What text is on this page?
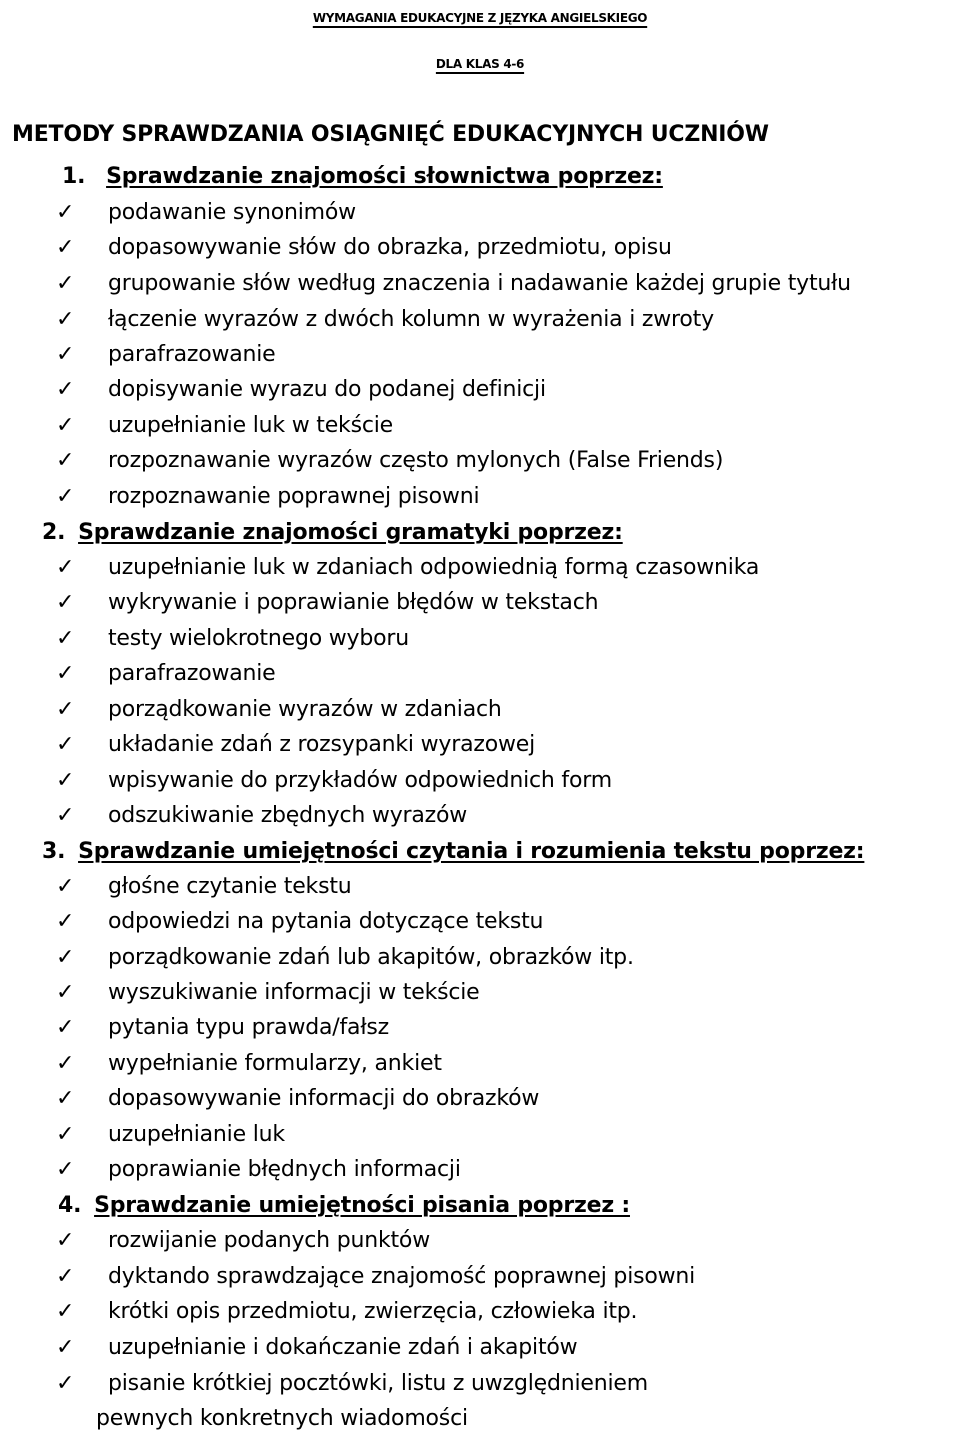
WYMAGANIA EDUKACYJNE Z JĘZYKA ANGIELSKIEGO
DLA KLAS 4-6
METODY SPRAWDZANIA OSIĄGNIĘĆ EDUKACYJNYCH UCZNIÓW
1. Sprawdzanie znajomości słownictwa poprzez:
✓ podawanie synonimów
✓ dopasowywanie słów do obrazka, przedmiotu, opisu
✓ grupowanie słów według znaczenia i nadawanie każdej grupie tytułu
✓ łączenie wyrazów z dwóch kolumn w wyrażenia i zwroty
✓ parafrazowanie
✓ dopisywanie wyrazu do podanej definicji
✓ uzupełnianie luk w tekście
✓ rozpoznawanie wyrazów często mylonych (False Friends)
✓ rozpoznawanie poprawnej pisowni
2. Sprawdzanie znajomości gramatyki poprzez:
✓ uzupełnianie luk w zdaniach odpowiednią formą czasownika
✓ wykrywanie i poprawianie błędów w tekstach
✓ testy wielokrotnego wyboru
✓ parafrazowanie
✓ porządkowanie wyrazów w zdaniach
✓ układanie zdań z rozsypanki wyrazowej
✓ wpisywanie do przykładów odpowiednich form
✓ odszukiwanie zbędnych wyrazów
3. Sprawdzanie umiejętności czytania i rozumienia tekstu poprzez:
✓ głośne czytanie tekstu
✓ odpowiedzi na pytania dotyczące tekstu
✓ porządkowanie zdań lub akapitów, obrazków itp.
✓ wyszukiwanie informacji w tekście
✓ pytania typu prawda/fałsz
✓ wypełnianie formularzy, ankiet
✓ dopasowywanie informacji do obrazków
✓ uzupełnianie luk
✓ poprawianie błędnych informacji
4. Sprawdzanie umiejętności pisania poprzez :
✓ rozwijanie podanych punktów
✓ dyktando sprawdzające znajomość poprawnej pisowni
✓ krótki opis przedmiotu, zwierzęcia, człowieka itp.
✓ uzupełnianie i dokańczanie zdań i akapitów
✓ pisanie krótkiej pocztówki, listu z uwzględnieniem
pewnych konkretnych wiadomości
